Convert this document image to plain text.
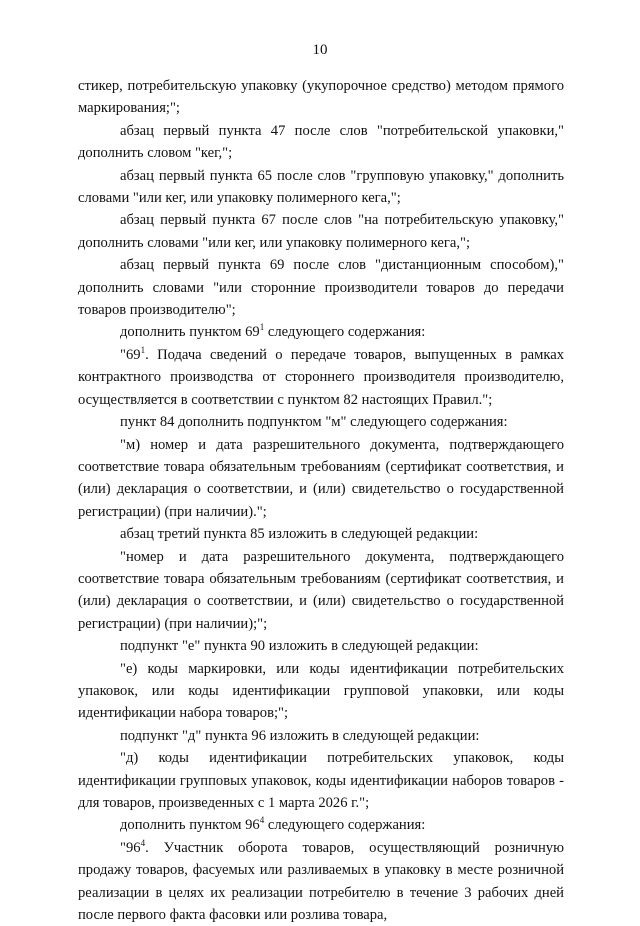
10

стикер, потребительскую упаковку (укупорочное средство) методом прямого маркирования;";

абзац первый пункта 47 после слов "потребительской упаковки," дополнить словом "кег,";

абзац первый пункта 65 после слов "групповую упаковку," дополнить словами "или кег, или упаковку полимерного кега,";

абзац первый пункта 67 после слов "на потребительскую упаковку," дополнить словами "или кег, или упаковку полимерного кега,";

абзац первый пункта 69 после слов "дистанционным способом)," дополнить словами "или сторонние производители товаров до передачи товаров производителю";

дополнить пунктом $69^1$ следующего содержания:

"$69^1$. Подача сведений о передаче товаров, выпущенных в рамках контрактного производства от стороннего производителя производителю, осуществляется в соответствии с пунктом 82 настоящих Правил.";

пункт 84 дополнить подпунктом "м" следующего содержания:

"м) номер и дата разрешительного документа, подтверждающего соответствие товара обязательным требованиям (сертификат соответствия, и (или) декларация о соответствии, и (или) свидетельство о государственной регистрации) (при наличии).";

абзац третий пункта 85 изложить в следующей редакции:

"номер и дата разрешительного документа, подтверждающего соответствие товара обязательным требованиям (сертификат соответствия, и (или) декларация о соответствии, и (или) свидетельство о государственной регистрации) (при наличии);";

подпункт "е" пункта 90 изложить в следующей редакции:

"е) коды маркировки, или коды идентификации потребительских упаковок, или коды идентификации групповой упаковки, или коды идентификации набора товаров;";

подпункт "д" пункта 96 изложить в следующей редакции:

"д) коды идентификации потребительских упаковок, коды идентификации групповых упаковок, коды идентификации наборов товаров - для товаров, произведенных с 1 марта 2026 г.";

дополнить пунктом $96^4$ следующего содержания:

"$96^4$. Участник оборота товаров, осуществляющий розничную продажу товаров, фасуемых или разливаемых в упаковку в месте розничной реализации в целях их реализации потребителю в течение 3 рабочих дней после первого факта фасовки или розлива товара,
